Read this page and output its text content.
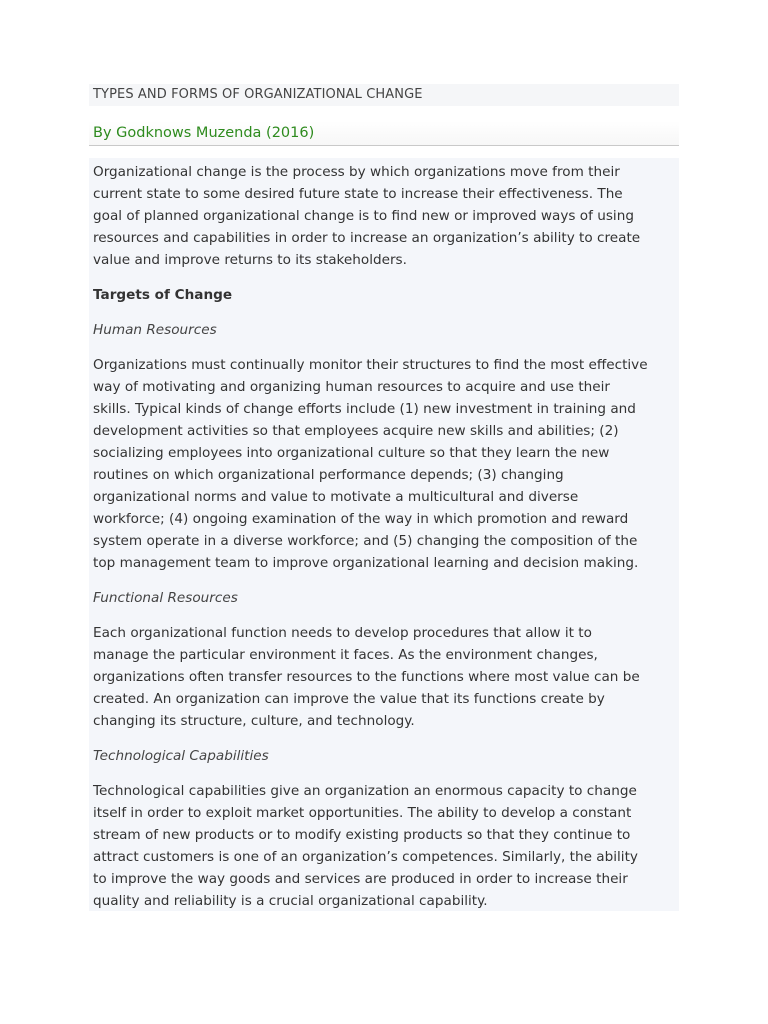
TYPES AND FORMS OF ORGANIZATIONAL CHANGE
By Godknows Muzenda (2016)

Organizational change is the process by which organizations move from their
current state to some desired future state to increase their effectiveness. The
goal of planned organizational change is to find new or improved ways of using
resources and capabilities in order to increase an organization’s ability to create
value and improve returns to its stakeholders.

Targets of Change

Human Resources

Organizations must continually monitor their structures to find the most effective
way of motivating and organizing human resources to acquire and use their
skills. Typical kinds of change efforts include (1) new investment in training and
development activities so that employees acquire new skills and abilities; (2)
socializing employees into organizational culture so that they learn the new
routines on which organizational performance depends; (3) changing
organizational norms and value to motivate a multicultural and diverse
workforce; (4) ongoing examination of the way in which promotion and reward
system operate in a diverse workforce; and (5) changing the composition of the
top management team to improve organizational learning and decision making.

Functional Resources

Each organizational function needs to develop procedures that allow it to
manage the particular environment it faces. As the environment changes,
organizations often transfer resources to the functions where most value can be
created. An organization can improve the value that its functions create by
changing its structure, culture, and technology.

Technological Capabilities

Technological capabilities give an organization an enormous capacity to change
itself in order to exploit market opportunities. The ability to develop a constant
stream of new products or to modify existing products so that they continue to
attract customers is one of an organization’s competences. Similarly, the ability
to improve the way goods and services are produced in order to increase their
quality and reliability is a crucial organizational capability.
